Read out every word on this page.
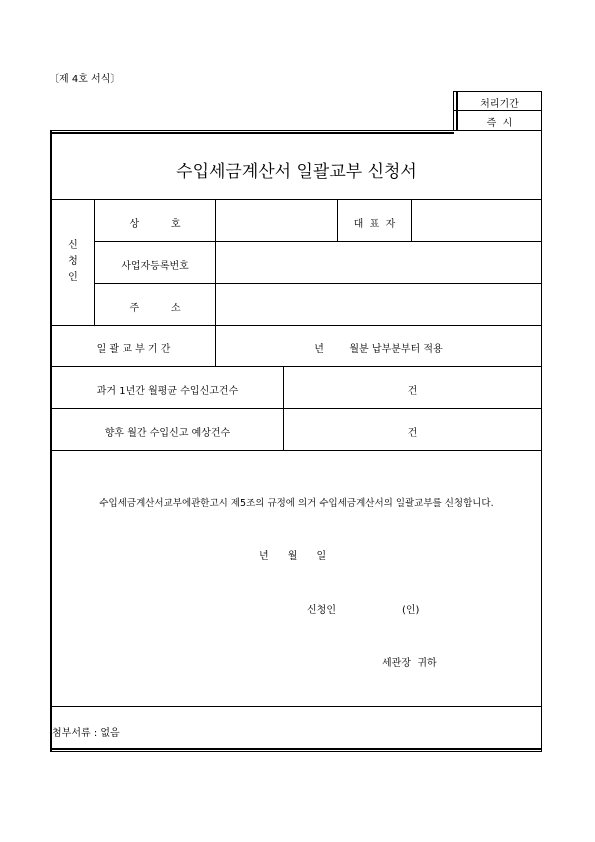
〔제 4호 서식〕
처리기간
즉  시
수입세금계산서 일괄교부 신청서
신
청
인
상          호	대  표  자
사업자등록번호
주          소
일 괄 교 부 기 간	년        월분 납부분부터 적용
과거 1년간 월평균 수입신고건수	건
향후 월간 수입신고 예상건수	건
수입세금계산서교부에관한고시 제5조의 규정에 의거 수입세금계산서의 일괄교부를 신청합니다.
년      월      일
신청인	(인)
세관장  귀하
첨부서류 : 없음
